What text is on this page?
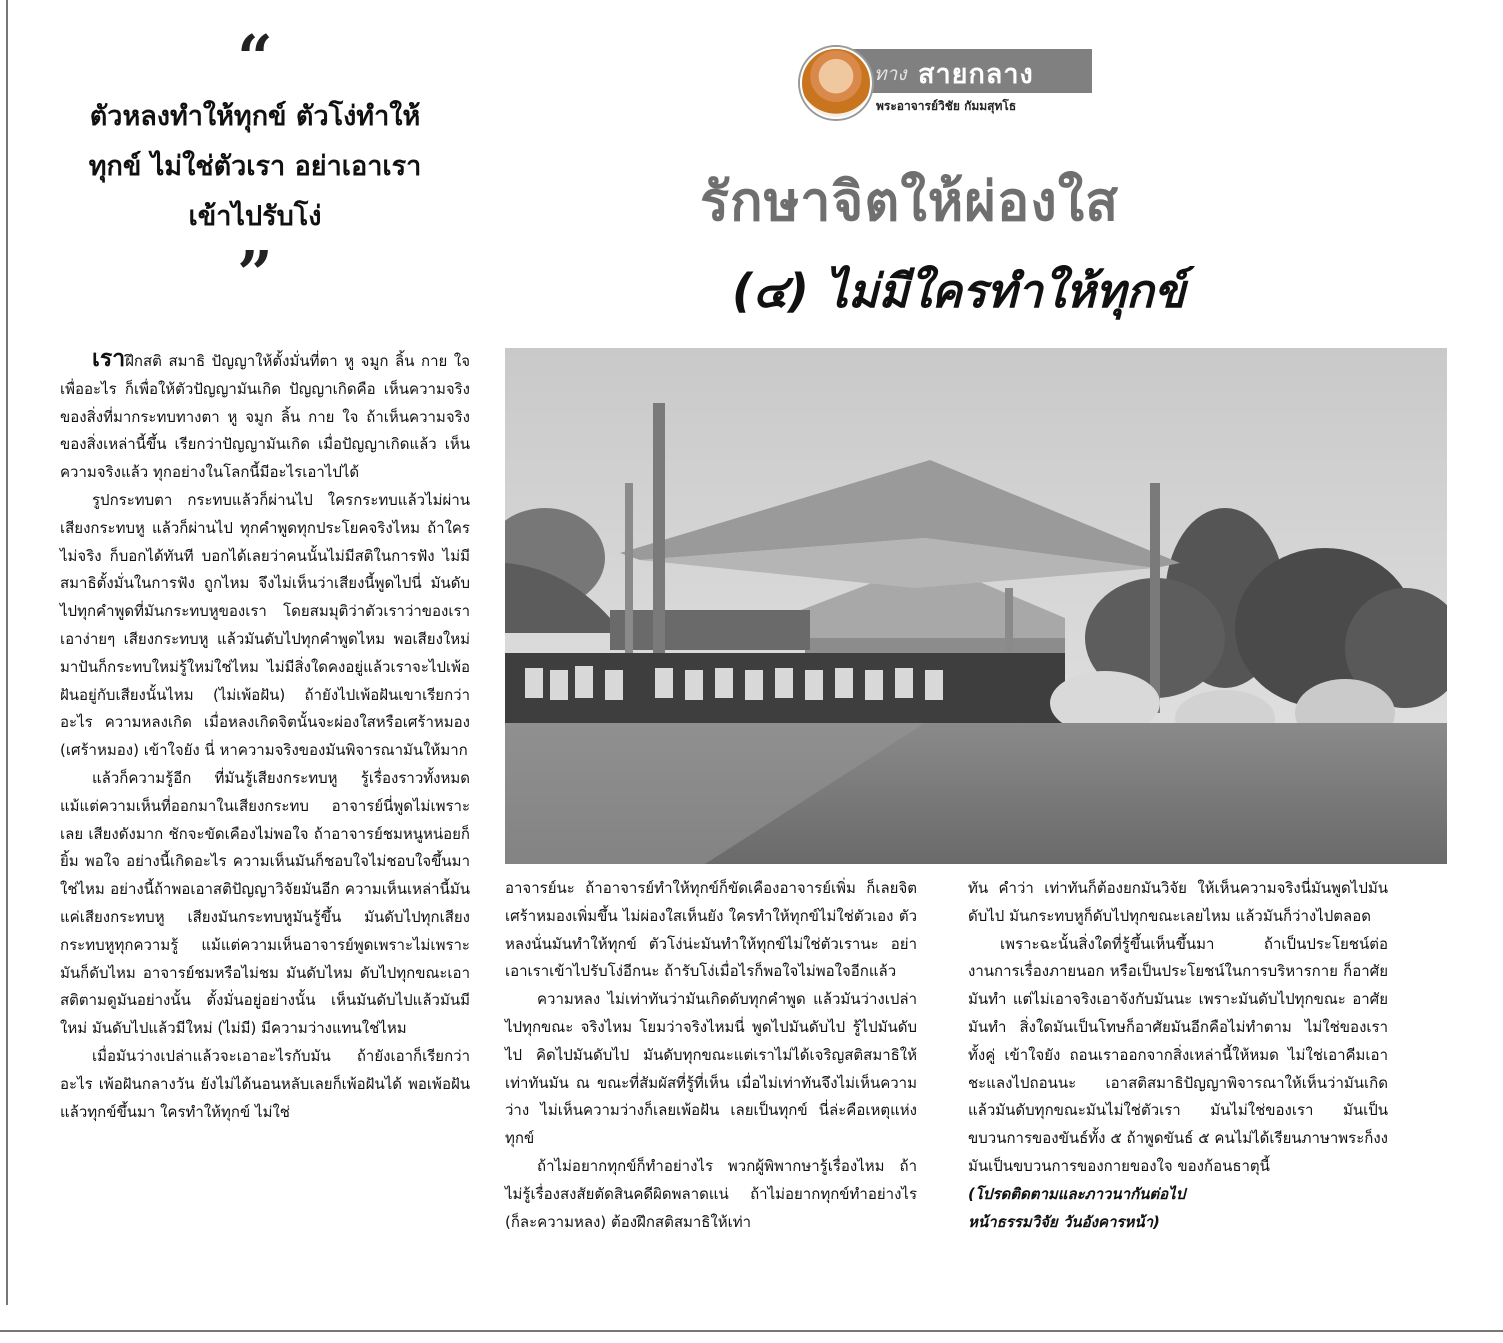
“
ตัวหลงทำให้ทุกข์ ตัวโง่ทำให้
ทุกข์ ไม่ใช่ตัวเรา อย่าเอาเรา
เข้าไปรับโง่
”
ทาง สายกลาง
พระอาจารย์วิชัย กัมมสุทโธ
รักษาจิตให้ผ่องใส
(๔) ไม่มีใครทำให้ทุกข์

เราฝึกสติ สมาธิ ปัญญาให้ตั้งมั่นที่ตา หู จมูก ลิ้น กาย ใจ เพื่ออะไร ก็เพื่อให้ตัวปัญญามันเกิด ปัญญาเกิดคือ เห็นความจริงของสิ่งที่มากระทบทางตา หู จมูก ลิ้น กาย ใจ ถ้าเห็นความจริงของสิ่งเหล่านี้ขึ้น เรียกว่าปัญญามันเกิด เมื่อปัญญาเกิดแล้ว เห็นความจริงแล้ว ทุกอย่างในโลกนี้มีอะไรเอาไปได้

รูปกระทบตา กระทบแล้วก็ผ่านไป ใครกระทบแล้วไม่ผ่าน เสียงกระทบหู แล้วก็ผ่านไป ทุกคำพูดทุกประโยคจริงไหม ถ้าใครไม่จริง ก็บอกได้ทันที บอกได้เลยว่าคนนั้นไม่มีสติในการฟัง ไม่มีสมาธิตั้งมั่นในการฟัง ถูกไหม จึงไม่เห็นว่าเสียงนี้พูดไปนี่ มันดับไปทุกคำพูดที่มันกระทบหูของเรา โดยสมมุติว่าตัวเราว่าของเรา เอาง่ายๆ เสียงกระทบหู แล้วมันดับไปทุกคำพูดไหม พอเสียงใหม่มาปันก็กระทบใหม่รู้ใหม่ใช่ไหม ไม่มีสิ่งใดคงอยู่แล้วเราจะไปเพ้อฝันอยู่กับเสียงนั้นไหม (ไม่เพ้อฝัน) ถ้ายังไปเพ้อฝันเขาเรียกว่าอะไร ความหลงเกิด เมื่อหลงเกิดจิตนั้นจะผ่องใสหรือเศร้าหมอง (เศร้าหมอง) เข้าใจยัง นี่ หาความจริงของมันพิจารณามันให้มาก

แล้วก็ความรู้อีก ที่มันรู้เสียงกระทบหู รู้เรื่องราวทั้งหมด แม้แต่ความเห็นที่ออกมาในเสียงกระทบ อาจารย์นี่พูดไม่เพราะเลย เสียงดังมาก ชักจะขัดเคืองไม่พอใจ ถ้าอาจารย์ชมหนูหน่อยก็ยิ้ม พอใจ อย่างนี้เกิดอะไร ความเห็นมันก็ชอบใจไม่ชอบใจขึ้นมาใช่ไหม อย่างนี้ถ้าพอเอาสติปัญญาวิจัยมันอีก ความเห็นเหล่านี้มันแค่เสียงกระทบหู เสียงมันกระทบหูมันรู้ขึ้น มันดับไปทุกเสียง กระทบหูทุกความรู้ แม้แต่ความเห็นอาจารย์พูดเพราะไม่เพราะ มันก็ดับไหม อาจารย์ชมหรือไม่ชม มันดับไหม ดับไปทุกขณะเอาสติตามดูมันอย่างนั้น ตั้งมั่นอยู่อย่างนั้น เห็นมันดับไปแล้วมันมีใหม่ มันดับไปแล้วมีใหม่ (ไม่มี) มีความว่างแทนใช่ไหม

เมื่อมันว่างเปล่าแล้วจะเอาอะไรกับมัน ถ้ายังเอาก็เรียกว่าอะไร เพ้อฝันกลางวัน ยังไม่ได้นอนหลับเลยก็เพ้อฝันได้ พอเพ้อฝันแล้วทุกข์ขึ้นมา ใครทำให้ทุกข์ ไม่ใช่

อาจารย์นะ ถ้าอาจารย์ทำให้ทุกข์ก็ขัดเคืองอาจารย์เพิ่ม ก็เลยจิตเศร้าหมองเพิ่มขึ้น ไม่ผ่องใสเห็นยัง ใครทำให้ทุกข์ไม่ใช่ตัวเอง ตัวหลงนั่นมันทำให้ทุกข์ ตัวโง่น่ะมันทำให้ทุกข์ไม่ใช่ตัวเรานะ อย่าเอาเราเข้าไปรับโง่อีกนะ ถ้ารับโง่เมื่อไรก็พอใจไม่พอใจอีกแล้ว

ความหลง ไม่เท่าทันว่ามันเกิดดับทุกคำพูด แล้วมันว่างเปล่าไปทุกขณะ จริงไหม โยมว่าจริงไหมนี่ พูดไปมันดับไป รู้ไปมันดับไป คิดไปมันดับไป มันดับทุกขณะแต่เราไม่ได้เจริญสติสมาธิให้เท่าทันมัน ณ ขณะที่สัมผัสที่รู้ที่เห็น เมื่อไม่เท่าทันจึงไม่เห็นความว่าง ไม่เห็นความว่างก็เลยเพ้อฝัน เลยเป็นทุกข์ นี่ล่ะคือเหตุแห่งทุกข์

ถ้าไม่อยากทุกข์ก็ทำอย่างไร พวกผู้พิพากษารู้เรื่องไหม ถ้าไม่รู้เรื่องสงสัยตัดสินคดีผิดพลาดแน่ ถ้าไม่อยากทุกข์ทำอย่างไร (ก็ละความหลง) ต้องฝึกสติสมาธิให้เท่า

ทัน คำว่า เท่าทันก็ต้องยกมันวิจัย ให้เห็นความจริงนี่มันพูดไปมันดับไป มันกระทบหูก็ดับไปทุกขณะเลยไหม แล้วมันก็ว่างไปตลอด

เพราะฉะนั้นสิ่งใดที่รู้ขึ้นเห็นขึ้นมา ถ้าเป็นประโยชน์ต่องานการเรื่องภายนอก หรือเป็นประโยชน์ในการบริหารกาย ก็อาศัยมันทำ แต่ไม่เอาจริงเอาจังกับมันนะ เพราะมันดับไปทุกขณะ อาศัยมันทำ สิ่งใดมันเป็นโทษก็อาศัยมันอีกคือไม่ทำตาม ไม่ใช่ของเราทั้งคู่ เข้าใจยัง ถอนเราออกจากสิ่งเหล่านี้ให้หมด ไม่ใช่เอาคีมเอาชะแลงไปถอนนะ เอาสติสมาธิปัญญาพิจารณาให้เห็นว่ามันเกิดแล้วมันดับทุกขณะมันไม่ใช่ตัวเรา มันไม่ใช่ของเรา มันเป็นขบวนการของขันธ์ทั้ง ๕ ถ้าพูดขันธ์ ๕ คนไม่ได้เรียนภาษาพระก็งง มันเป็นขบวนการของกายของใจ ของก้อนธาตุนี้

(โปรดติดตามและภาวนากันต่อไป

หน้าธรรมวิจัย วันอังคารหน้า)
